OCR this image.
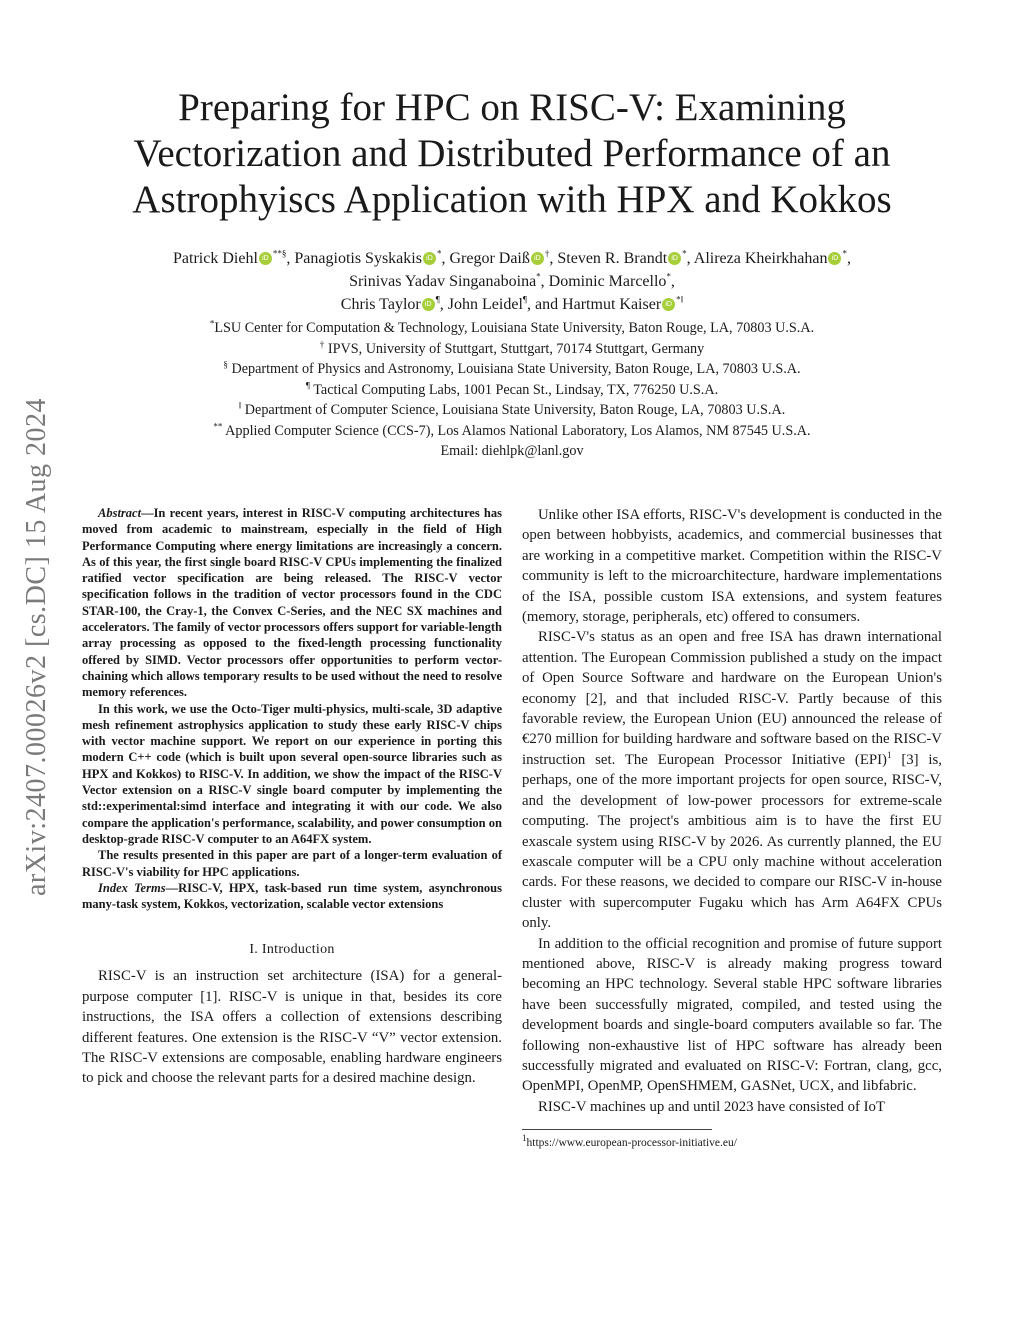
arXiv:2407.00026v2 [cs.DC] 15 Aug 2024
Preparing for HPC on RISC-V: Examining
Vectorization and Distributed Performance of an
Astrophyiscs Application with HPX and Kokkos
Patrick Diehl iD **§, Panagiotis Syskakis iD *, Gregor Daiß iD †, Steven R. Brandt iD *, Alireza Kheirkhahan iD *,
Srinivas Yadav Singanaboina*, Dominic Marcello*,
Chris Taylor iD ¶, John Leidel¶, and Hartmut Kaiser iD *‖
*LSU Center for Computation & Technology, Louisiana State University, Baton Rouge, LA, 70803 U.S.A.
† IPVS, University of Stuttgart, Stuttgart, 70174 Stuttgart, Germany
§ Department of Physics and Astronomy, Louisiana State University, Baton Rouge, LA, 70803 U.S.A.
¶ Tactical Computing Labs, 1001 Pecan St., Lindsay, TX, 776250 U.S.A.
‖ Department of Computer Science, Louisiana State University, Baton Rouge, LA, 70803 U.S.A.
** Applied Computer Science (CCS-7), Los Alamos National Laboratory, Los Alamos, NM 87545 U.S.A.
Email: diehlpk@lanl.gov

Abstract—In recent years, interest in RISC-V computing architectures has moved from academic to mainstream, especially in the field of High Performance Computing where energy limitations are increasingly a concern. As of this year, the first single board RISC-V CPUs implementing the finalized ratified vector specification are being released. The RISC-V vector specification follows in the tradition of vector processors found in the CDC STAR-100, the Cray-1, the Convex C-Series, and the NEC SX machines and accelerators. The family of vector processors offers support for variable-length array processing as opposed to the fixed-length processing functionality offered by SIMD. Vector processors offer opportunities to perform vector-chaining which allows temporary results to be used without the need to resolve memory references.

In this work, we use the Octo-Tiger multi-physics, multi-scale, 3D adaptive mesh refinement astrophysics application to study these early RISC-V chips with vector machine support. We report on our experience in porting this modern C++ code (which is built upon several open-source libraries such as HPX and Kokkos) to RISC-V. In addition, we show the impact of the RISC-V Vector extension on a RISC-V single board computer by implementing the std::experimental:simd interface and integrating it with our code. We also compare the application's performance, scalability, and power consumption on desktop-grade RISC-V computer to an A64FX system.

The results presented in this paper are part of a longer-term evaluation of RISC-V's viability for HPC applications.

Index Terms—RISC-V, HPX, task-based run time system, asynchronous many-task system, Kokkos, vectorization, scalable vector extensions

I. Introduction

RISC-V is an instruction set architecture (ISA) for a general-purpose computer [1]. RISC-V is unique in that, besides its core instructions, the ISA offers a collection of extensions describing different features. One extension is the RISC-V “V” vector extension. The RISC-V extensions are composable, enabling hardware engineers to pick and choose the relevant parts for a desired machine design.

Unlike other ISA efforts, RISC-V's development is conducted in the open between hobbyists, academics, and commercial businesses that are working in a competitive market. Competition within the RISC-V community is left to the microarchitecture, hardware implementations of the ISA, possible custom ISA extensions, and system features (memory, storage, peripherals, etc) offered to consumers.

RISC-V's status as an open and free ISA has drawn international attention. The European Commission published a study on the impact of Open Source Software and hardware on the European Union's economy [2], and that included RISC-V. Partly because of this favorable review, the European Union (EU) announced the release of €270 million for building hardware and software based on the RISC-V instruction set. The European Processor Initiative (EPI)$^1$ [3] is, perhaps, one of the more important projects for open source, RISC-V, and the development of low-power processors for extreme-scale computing. The project's ambitious aim is to have the first EU exascale system using RISC-V by 2026. As currently planned, the EU exascale computer will be a CPU only machine without acceleration cards. For these reasons, we decided to compare our RISC-V in-house cluster with supercomputer Fugaku which has Arm A64FX CPUs only.

In addition to the official recognition and promise of future support mentioned above, RISC-V is already making progress toward becoming an HPC technology. Several stable HPC software libraries have been successfully migrated, compiled, and tested using the development boards and single-board computers available so far. The following non-exhaustive list of HPC software has already been successfully migrated and evaluated on RISC-V: Fortran, clang, gcc, OpenMPI, OpenMP, OpenSHMEM, GASNet, UCX, and libfabric.

RISC-V machines up and until 2023 have consisted of IoT

$^1$https://www.european-processor-initiative.eu/
